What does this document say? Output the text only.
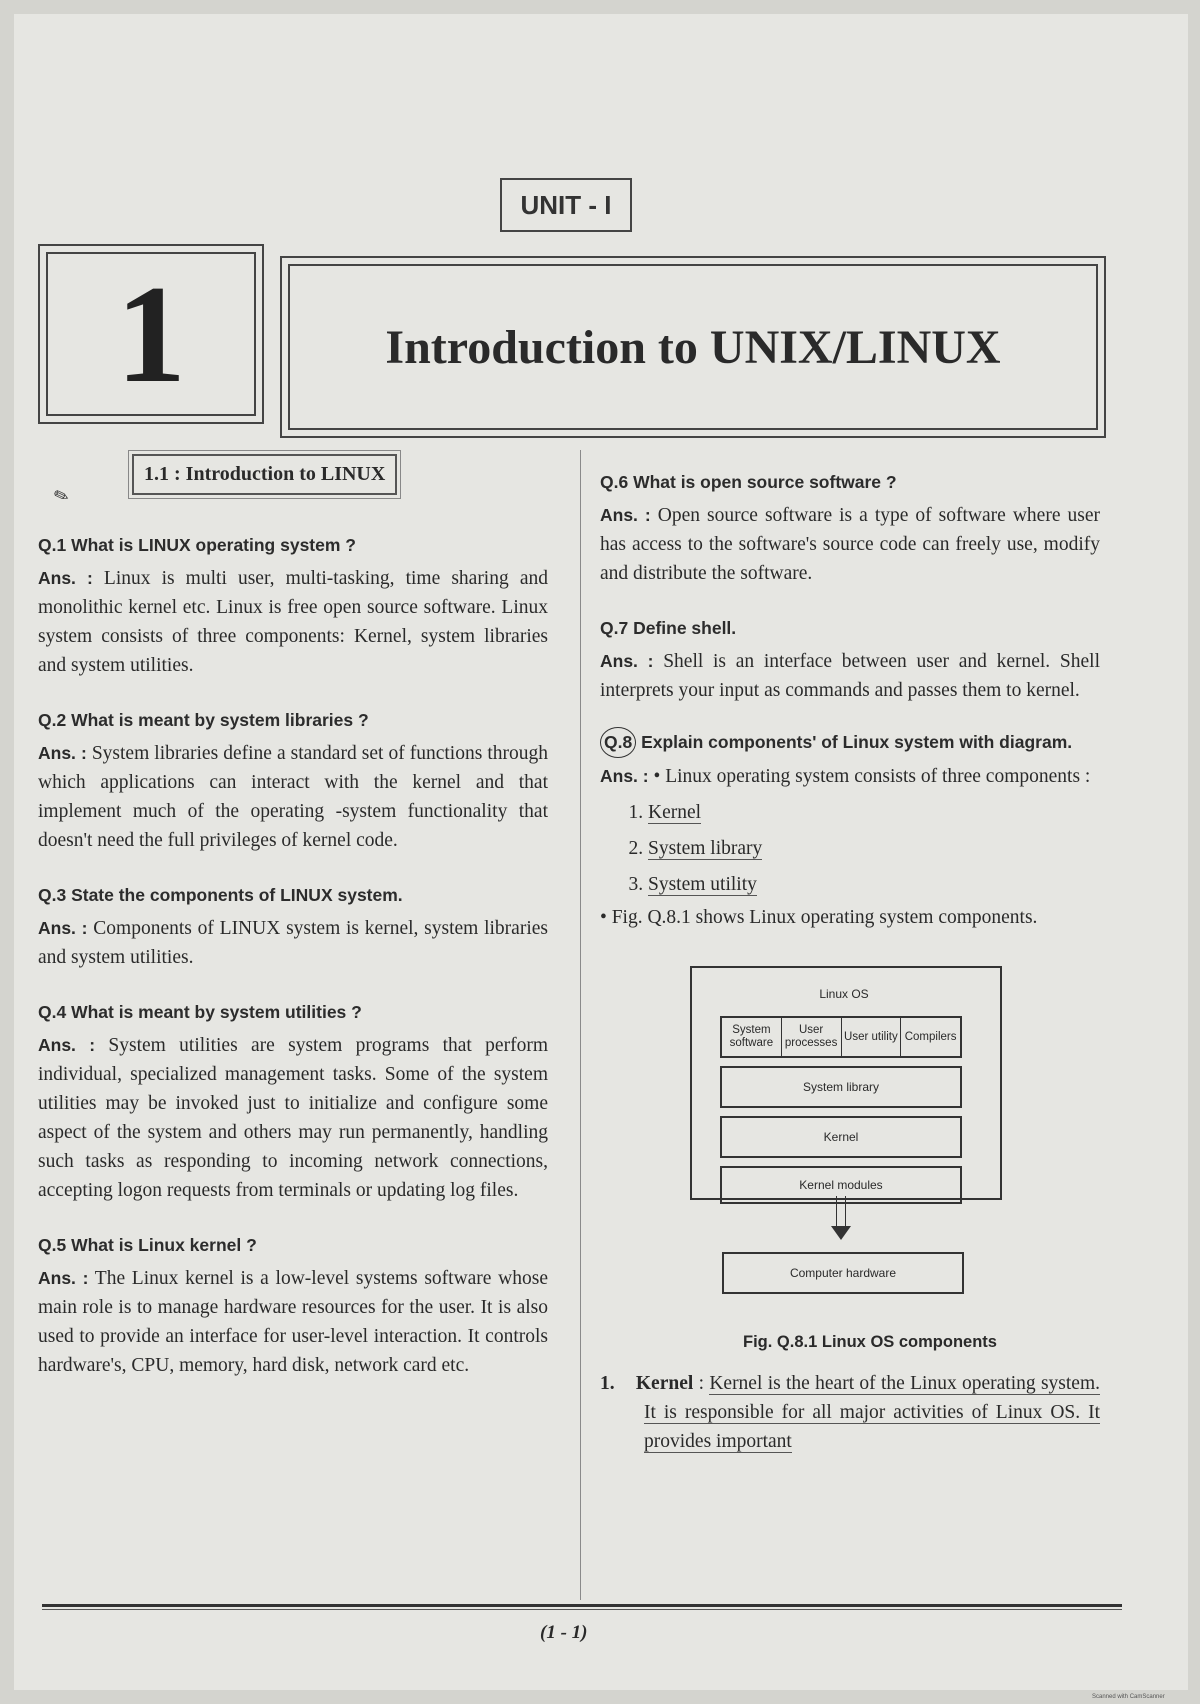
UNIT - I
1	Introduction to UNIX/LINUX
✎
1.1 : Introduction to LINUX
Q.1 What is LINUX operating system ?
Ans. : Linux is multi user, multi-tasking, time sharing and monolithic kernel etc. Linux is free open source software. Linux system consists of three components: Kernel, system libraries and system utilities.
Q.2 What is meant by system libraries ?
Ans. : System libraries define a standard set of functions through which applications can interact with the kernel and that implement much of the operating -system functionality that doesn't need the full privileges of kernel code.
Q.3 State the components of LINUX system.
Ans. : Components of LINUX system is kernel, system libraries and system utilities.
Q.4 What is meant by system utilities ?
Ans. : System utilities are system programs that perform individual, specialized management tasks. Some of the system utilities may be invoked just to initialize and configure some aspect of the system and others may run permanently, handling such tasks as responding to incoming network connections, accepting logon requests from terminals or updating log files.
Q.5 What is Linux kernel ?
Ans. : The Linux kernel is a low-level systems software whose main role is to manage hardware resources for the user. It is also used to provide an interface for user-level interaction. It controls hardware's, CPU, memory, hard disk, network card etc.
Q.6 What is open source software ?
Ans. : Open source software is a type of software where user has access to the software's source code can freely use, modify and distribute the software.
Q.7 Define shell.
Ans. : Shell is an interface between user and kernel. Shell interprets your input as commands and passes them to kernel.
Q.8 Explain components' of Linux system with diagram.
Ans. : • Linux operating system consists of three components :
1. Kernel
2. System library
3. System utility
• Fig. Q.8.1 shows Linux operating system components.
Linux OS
System software
User processes
User utility Compilers
System library
Kernel
Kernel modules
Computer hardware
Fig. Q.8.1 Linux OS components
1. Kernel : Kernel is the heart of the Linux operating system. It is responsible for all major activities of Linux OS. It provides important
(1 - 1)
Scanned with CamScanner
